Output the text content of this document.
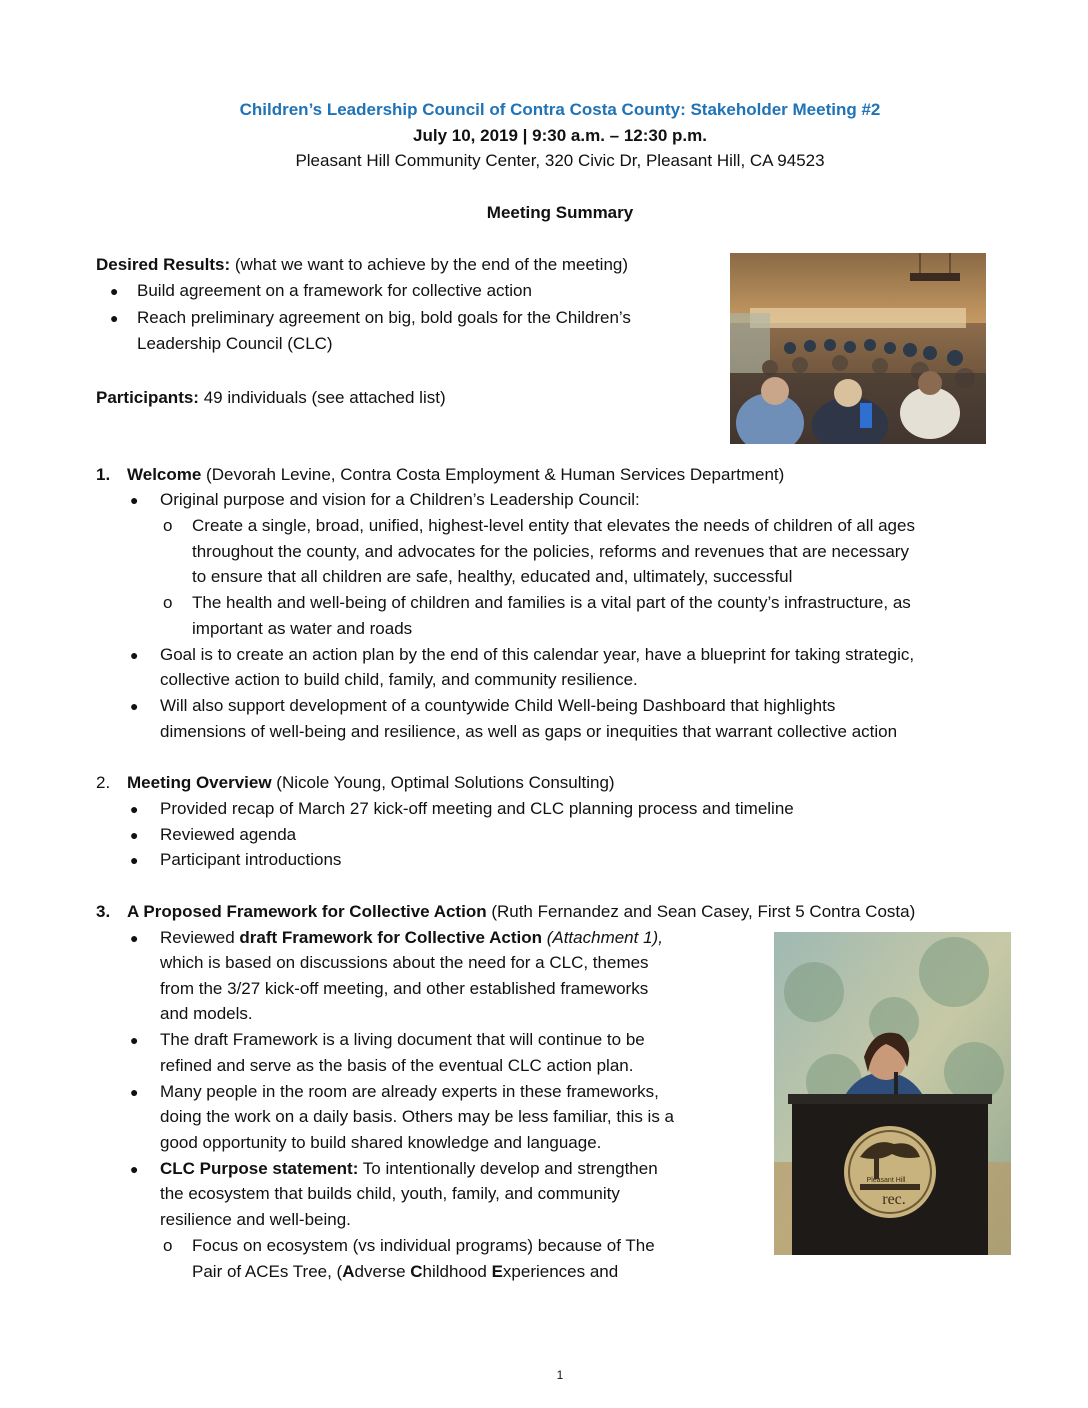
Children’s Leadership Council of Contra Costa County: Stakeholder Meeting #2
July 10, 2019 | 9:30 a.m. – 12:30 p.m.
Pleasant Hill Community Center, 320 Civic Dr, Pleasant Hill, CA 94523
Meeting Summary
Desired Results: (what we want to achieve by the end of the meeting)
● Build agreement on a framework for collective action
● Reach preliminary agreement on big, bold goals for the Children’s
Leadership Council (CLC)
Participants: 49 individuals (see attached list)
1. Welcome (Devorah Levine, Contra Costa Employment & Human Services Department)
● Original purpose and vision for a Children’s Leadership Council:
o Create a single, broad, unified, highest-level entity that elevates the needs of children of all ages
throughout the county, and advocates for the policies, reforms and revenues that are necessary
to ensure that all children are safe, healthy, educated and, ultimately, successful
o The health and well-being of children and families is a vital part of the county’s infrastructure, as
important as water and roads
● Goal is to create an action plan by the end of this calendar year, have a blueprint for taking strategic,
collective action to build child, family, and community resilience.
● Will also support development of a countywide Child Well-being Dashboard that highlights
dimensions of well-being and resilience, as well as gaps or inequities that warrant collective action
2. Meeting Overview (Nicole Young, Optimal Solutions Consulting)
● Provided recap of March 27 kick-off meeting and CLC planning process and timeline
● Reviewed agenda
● Participant introductions
3. A Proposed Framework for Collective Action (Ruth Fernandez and Sean Casey, First 5 Contra Costa)
● Reviewed draft Framework for Collective Action (Attachment 1),
which is based on discussions about the need for a CLC, themes
from the 3/27 kick-off meeting, and other established frameworks
and models.
● The draft Framework is a living document that will continue to be
refined and serve as the basis of the eventual CLC action plan.
● Many people in the room are already experts in these frameworks,
doing the work on a daily basis. Others may be less familiar, this is a
good opportunity to build shared knowledge and language.
● CLC Purpose statement: To intentionally develop and strengthen
the ecosystem that builds child, youth, family, and community
resilience and well-being.
o Focus on ecosystem (vs individual programs) because of The
Pair of ACEs Tree, (Adverse Childhood Experiences and
Pleasant Hill
rec.
1
